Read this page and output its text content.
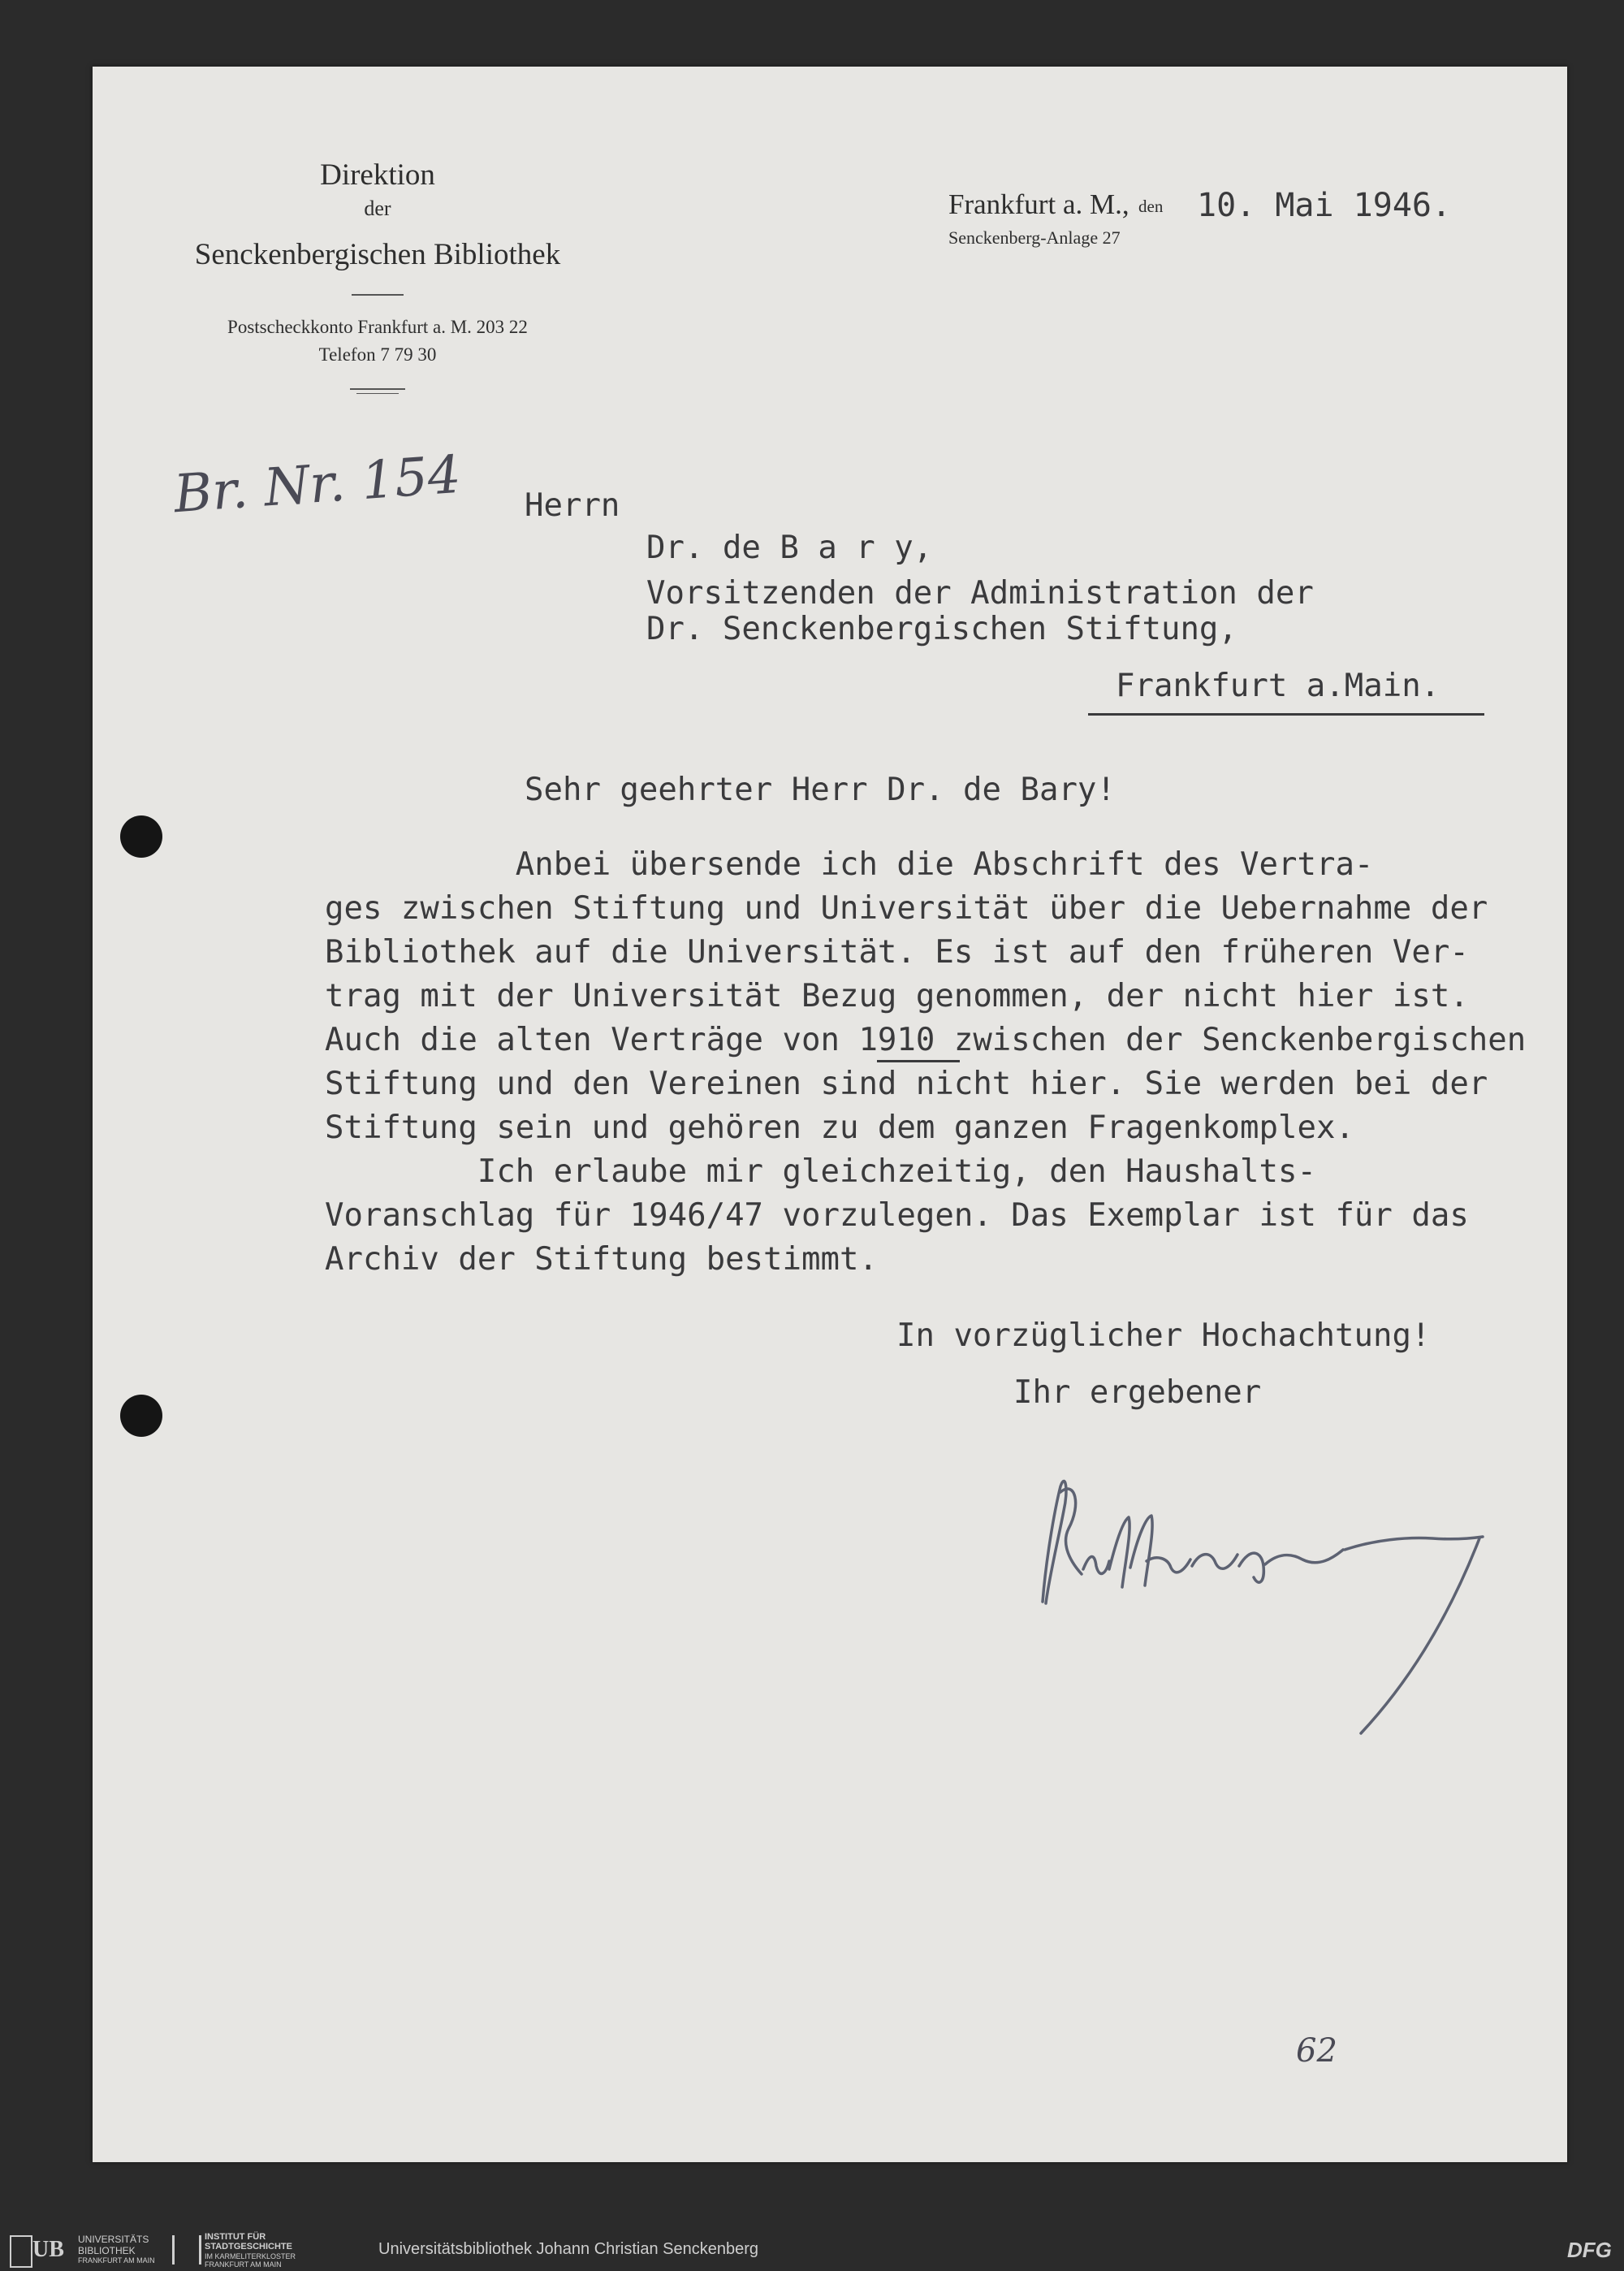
Direktion
der
Senckenbergischen Bibliothek
Postscheckkonto Frankfurt a. M. 203 22
Telefon 7 79 30
Frankfurt a. M., den
Senckenberg-Anlage 27
10. Mai 1946.
Br. Nr. 154 Herrn
Dr. de B a r y,
Vorsitzenden der Administration der
Dr. Senckenbergischen Stiftung,
Frankfurt a.Main.
Sehr geehrter Herr Dr. de Bary!
Anbei übersende ich die Abschrift des Vertra-
ges zwischen Stiftung und Universität über die Uebernahme der
Bibliothek auf die Universität. Es ist auf den früheren Ver-
trag mit der Universität Bezug genommen, der nicht hier ist.
Auch die alten Verträge von 1910 zwischen der Senckenbergischen
Stiftung und den Vereinen sind nicht hier. Sie werden bei der
Stiftung sein und gehören zu dem ganzen Fragenkomplex.
Ich erlaube mir gleichzeitig, den Haushalts-
Voranschlag für 1946/47 vorzulegen. Das Exemplar ist für das
Archiv der Stiftung bestimmt.
In vorzüglicher Hochachtung!
Ihr ergebener
62
UB UNIVERSITÄTS
BIBLIOTHEK
FRANKFURT AM MAIN
INSTITUT FÜR
STADTGESCHICHTE
IM KARMELITERKLOSTER
FRANKFURT AM MAIN
Universitätsbibliothek Johann Christian Senckenberg	DFG
